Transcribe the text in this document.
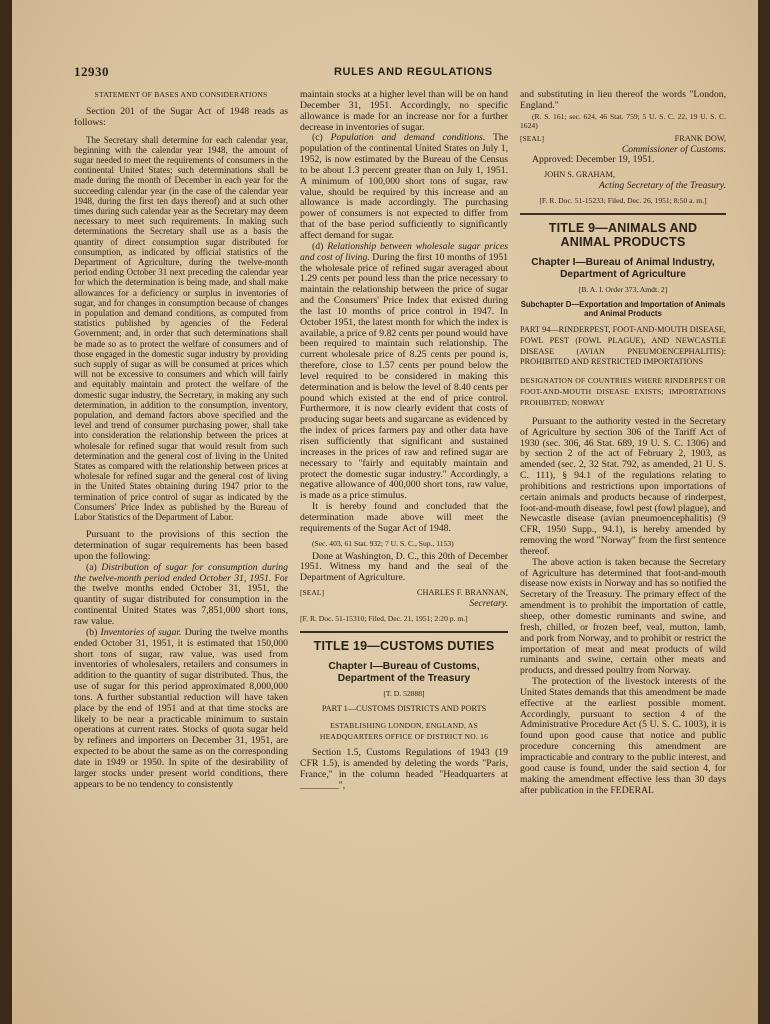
12930	RULES AND REGULATIONS

STATEMENT OF BASES AND CONSIDERATIONS

Section 201 of the Sugar Act of 1948 reads as follows:

The Secretary shall determine for each calendar year, beginning with the calendar year 1948, the amount of sugar needed to meet the requirements of consumers in the continental United States; such determinations shall be made during the month of December in each year for the succeeding calendar year (in the case of the calendar year 1948, during the first ten days thereof) and at such other times during such calendar year as the Secretary may deem necessary to meet such requirements. In making such determinations the Secretary shall use as a basis the quantity of direct consumption sugar distributed for consumption, as indicated by official statistics of the Department of Agriculture, during the twelve-month period ending October 31 next preceding the calendar year for which the determination is being made, and shall make allowances for a deficiency or surplus in inventories of sugar, and for changes in consumption because of changes in population and demand conditions, as computed from statistics published by agencies of the Federal Government; and, in order that such determinations shall be made so as to protect the welfare of consumers and of those engaged in the domestic sugar industry by providing such supply of sugar as will be consumed at prices which will not be excessive to consumers and which will fairly and equitably maintain and protect the welfare of the domestic sugar industry, the Secretary, in making any such determination, in addition to the consumption, inventory, population, and demand factors above specified and the level and trend of consumer purchasing power, shall take into consideration the relationship between the prices at wholesale for refined sugar that would result from such determination and the general cost of living in the United States as compared with the relationship between prices at wholesale for refined sugar and the general cost of living in the United States obtaining during 1947 prior to the termination of price control of sugar as indicated by the Consumers' Price Index as published by the Bureau of Labor Statistics of the Department of Labor.

Pursuant to the provisions of this section the determination of sugar requirements has been based upon the following:

(a) Distribution of sugar for consumption during the twelve-month period ended October 31, 1951. For the twelve months ended October 31, 1951, the quantity of sugar distributed for consumption in the continental United States was 7,851,000 short tons, raw value.

(b) Inventories of sugar. During the twelve months ended October 31, 1951, it is estimated that 150,000 short tons of sugar, raw value, was used from inventories of wholesalers, retailers and consumers in addition to the quantity of sugar distributed. Thus, the use of sugar for this period approximated 8,000,000 tons. A further substantial reduction will have taken place by the end of 1951 and at that time stocks are likely to be near a practicable minimum to sustain operations at current rates. Stocks of quota sugar held by refiners and importers on December 31, 1951, are expected to be about the same as on the corresponding date in 1949 or 1950. In spite of the desirability of larger stocks under present world conditions, there appears to be no tendency to consistently

maintain stocks at a higher level than will be on hand December 31, 1951. Accordingly, no specific allowance is made for an increase nor for a further decrease in inventories of sugar.

(c) Population and demand conditions. The population of the continental United States on July 1, 1952, is now estimated by the Bureau of the Census to be about 1.3 percent greater than on July 1, 1951. A minimum of 100,000 short tons of sugar, raw value, should be required by this increase and an allowance is made accordingly. The purchasing power of consumers is not expected to differ from that of the base period sufficiently to significantly affect demand for sugar.

(d) Relationship between wholesale sugar prices and cost of living. During the first 10 months of 1951 the wholesale price of refined sugar averaged about 1.29 cents per pound less than the price necessary to maintain the relationship between the price of sugar and the Consumers' Price Index that existed during the last 10 months of price control in 1947. In October 1951, the latest month for which the index is available, a price of 9.82 cents per pound would have been required to maintain such relationship. The current wholesale price of 8.25 cents per pound is, therefore, close to 1.57 cents per pound below the level required to be considered in making this determination and is below the level of 8.40 cents per pound which existed at the end of price control. Furthermore, it is now clearly evident that costs of producing sugar beets and sugarcane as evidenced by the index of prices farmers pay and other data have risen sufficiently that significant and sustained increases in the prices of raw and refined sugar are necessary to "fairly and equitably maintain and protect the domestic sugar industry." Accordingly, a negative allowance of 400,000 short tons, raw value, is made as a price stimulus.

It is hereby found and concluded that the determination made above will meet the requirements of the Sugar Act of 1948.

(Sec. 403, 61 Stat. 932; 7 U. S. C., Sup., 1153)

Done at Washington, D. C., this 20th of December 1951. Witness my hand and the seal of the Department of Agriculture.

[SEAL]	CHARLES F. BRANNAN,

Secretary.

[F. R. Doc. 51-15310; Filed, Dec. 21, 1951; 2:20 p. m.]

TITLE 19—CUSTOMS DUTIES

Chapter I—Bureau of Customs, Department of the Treasury

[T. D. 52888]

PART 1—CUSTOMS DISTRICTS AND PORTS

ESTABLISHING LONDON, ENGLAND, AS HEADQUARTERS OFFICE OF DISTRICT NO. 16

Section 1.5, Customs Regulations of 1943 (19 CFR 1.5), is amended by deleting the words "Paris, France," in the column headed "Headquarters at ________",

and substituting in lieu thereof the words "London, England."

(R. S. 161; sec. 624, 46 Stat. 759; 5 U. S. C. 22, 19 U. S. C. 1624)

[SEAL]	FRANK DOW,

Commissioner of Customs.

Approved: December 19, 1951.

JOHN S. GRAHAM,

Acting Secretary of the Treasury.

[F. R. Doc. 51-15233; Filed, Dec. 26, 1951; 8:50 a. m.]

TITLE 9—ANIMALS AND

ANIMAL PRODUCTS

Chapter I—Bureau of Animal Industry, Department of Agriculture

[B. A. I. Order 373, Amdt. 2]

Subchapter D—Exportation and Importation of Animals and Animal Products

PART 94—RINDERPEST, FOOT-AND-MOUTH DISEASE, FOWL PEST (FOWL PLAGUE), AND NEWCASTLE DISEASE (AVIAN PNEUMOENCEPHALITIS): PROHIBITED AND RESTRICTED IMPORTATIONS

DESIGNATION OF COUNTRIES WHERE RINDERPEST OR FOOT-AND-MOUTH DISEASE EXISTS; IMPORTATIONS PROHIBITED; NORWAY

Pursuant to the authority vested in the Secretary of Agriculture by section 306 of the Tariff Act of 1930 (sec. 306, 46 Stat. 689, 19 U. S. C. 1306) and by section 2 of the act of February 2, 1903, as amended (sec. 2, 32 Stat. 792, as amended, 21 U. S. C. 111), § 94.1 of the regulations relating to prohibitions and restrictions upon importations of certain animals and products because of rinderpest, foot-and-mouth disease, fowl pest (fowl plague), and Newcastle disease (avian pneumoencephalitis) (9 CFR, 1950 Supp., 94.1), is hereby amended by removing the word "Norway" from the first sentence thereof.

The above action is taken because the Secretary of Agriculture has determined that foot-and-mouth disease now exists in Norway and has so notified the Secretary of the Treasury. The primary effect of the amendment is to prohibit the importation of cattle, sheep, other domestic ruminants and swine, and fresh, chilled, or frozen beef, veal, mutton, lamb, and pork from Norway, and to prohibit or restrict the importation of meat and meat products of wild ruminants and swine, certain other meats and products, and dressed poultry from Norway.

The protection of the livestock interests of the United States demands that this amendment be made effective at the earliest possible moment. Accordingly, pursuant to section 4 of the Administrative Procedure Act (5 U. S. C. 1003), it is found upon good cause that notice and public procedure concerning this amendment are impracticable and contrary to the public interest, and good cause is found, under the said section 4, for making the amendment effective less than 30 days after publication in the FEDERAL
